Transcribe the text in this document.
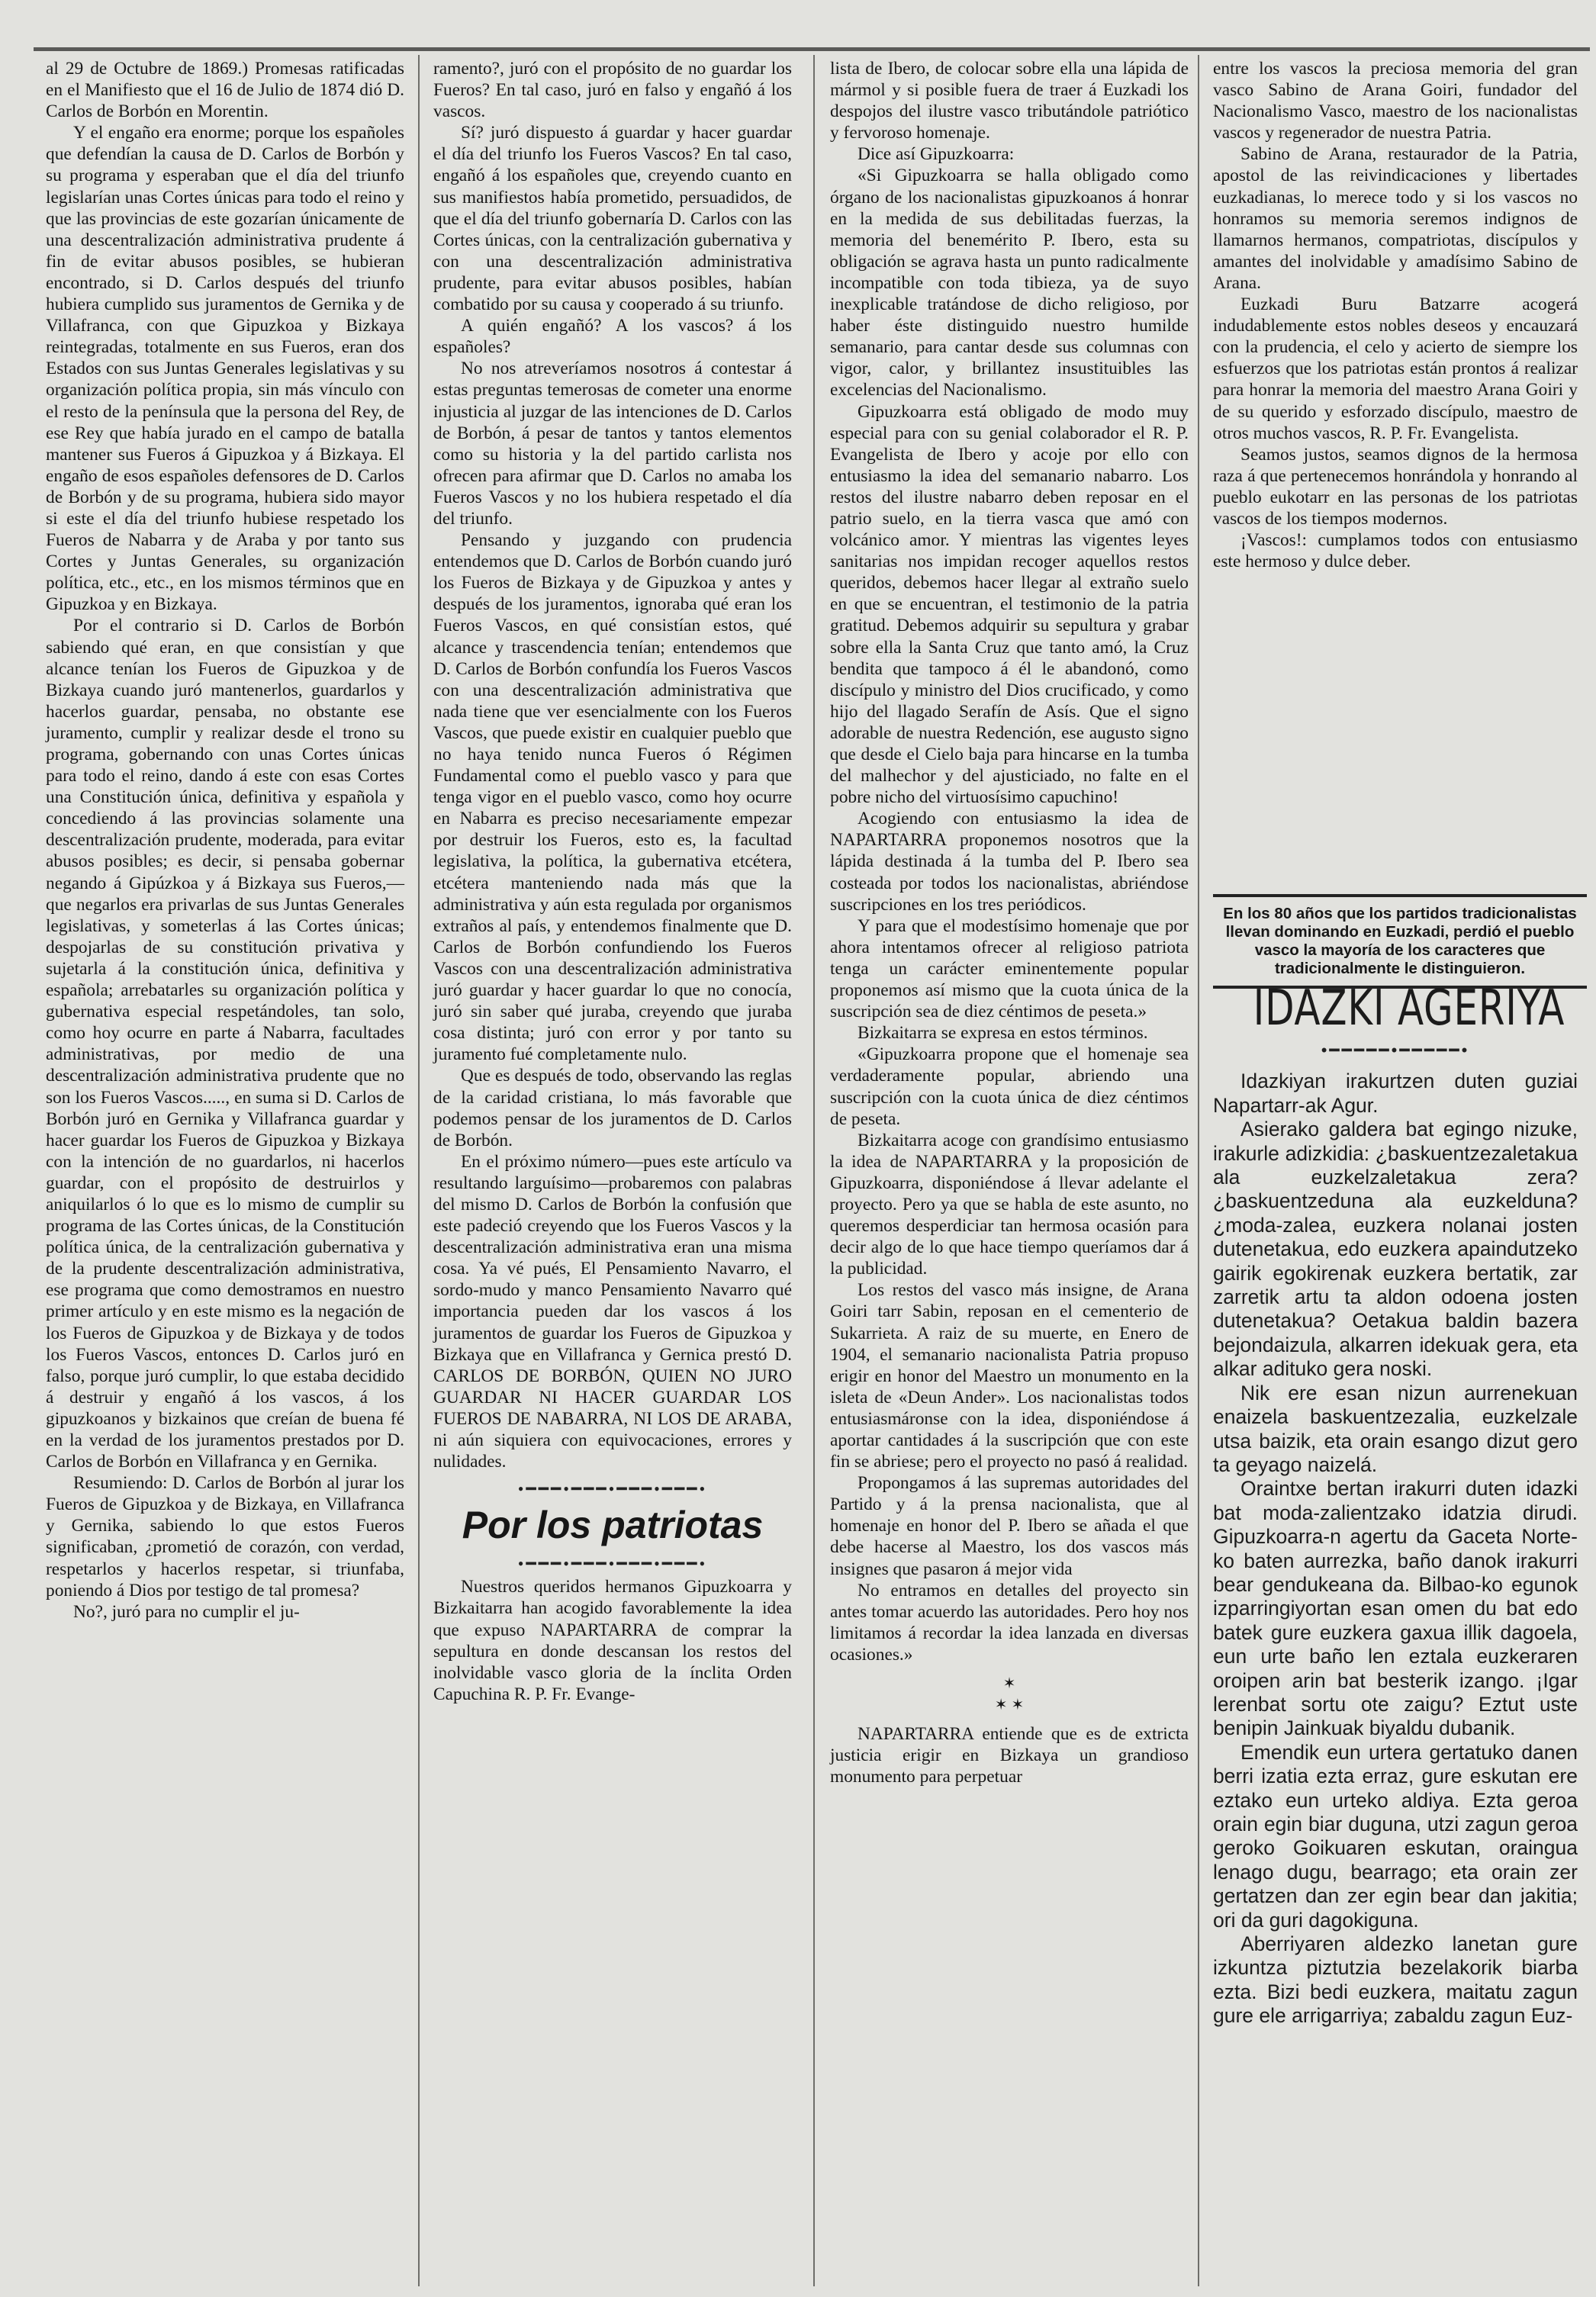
al 29 de Octubre de 1869.) Promesas ratificadas en el Manifiesto que el 16 de Julio de 1874 dió D. Carlos de Borbón en Morentin.

Y el engaño era enorme; porque los españoles que defendían la causa de D. Carlos de Borbón y su programa y esperaban que el día del triunfo legislarían unas Cortes únicas para todo el reino y que las provincias de este gozarían únicamente de una descentralización administrativa prudente á fin de evitar abusos posibles, se hubieran encontrado, si D. Carlos después del triunfo hubiera cumplido sus juramentos de Gernika y de Villafranca, con que Gipuzkoa y Bizkaya reintegradas, totalmente en sus Fueros, eran dos Estados con sus Juntas Generales legislativas y su organización política propia, sin más vínculo con el resto de la península que la persona del Rey, de ese Rey que había jurado en el campo de batalla mantener sus Fueros á Gipuzkoa y á Bizkaya. El engaño de esos españoles defensores de D. Carlos de Borbón y de su programa, hubiera sido mayor si este el día del triunfo hubiese respetado los Fueros de Nabarra y de Araba y por tanto sus Cortes y Juntas Generales, su organización política, etc., etc., en los mismos términos que en Gipuzkoa y en Bizkaya.

Por el contrario si D. Carlos de Borbón sabiendo qué eran, en que consistían y que alcance tenían los Fueros de Gipuzkoa y de Bizkaya cuando juró mantenerlos, guardarlos y hacerlos guardar, pensaba, no obstante ese juramento, cumplir y realizar desde el trono su programa, gobernando con unas Cortes únicas para todo el reino, dando á este con esas Cortes una Constitución única, definitiva y española y concediendo á las provincias solamente una descentralización prudente, moderada, para evitar abusos posibles; es decir, si pensaba gobernar negando á Gipúzkoa y á Bizkaya sus Fueros,—que negarlos era privarlas de sus Juntas Generales legislativas, y someterlas á las Cortes únicas; despojarlas de su constitución privativa y sujetarla á la constitución única, definitiva y española; arrebatarles su organización política y gubernativa especial respetándoles, tan solo, como hoy ocurre en parte á Nabarra, facultades administrativas, por medio de una descentralización administrativa prudente que no son los Fueros Vascos....., en suma si D. Carlos de Borbón juró en Gernika y Villafranca guardar y hacer guardar los Fueros de Gipuzkoa y Bizkaya con la intención de no guardarlos, ni hacerlos guardar, con el propósito de destruirlos y aniquilarlos ó lo que es lo mismo de cumplir su programa de las Cortes únicas, de la Constitución política única, de la centralización gubernativa y de la prudente descentralización administrativa, ese programa que como demostramos en nuestro primer artículo y en este mismo es la negación de los Fueros de Gipuzkoa y de Bizkaya y de todos los Fueros Vascos, entonces D. Carlos juró en falso, porque juró cumplir, lo que estaba decidido á destruir y engañó á los vascos, á los gipuzkoanos y bizkainos que creían de buena fé en la verdad de los juramentos prestados por D. Carlos de Borbón en Villafranca y en Gernika.

Resumiendo: D. Carlos de Borbón al jurar los Fueros de Gipuzkoa y de Bizkaya, en Villafranca y Gernika, sabiendo lo que estos Fueros significaban, ¿prometió de corazón, con verdad, respetarlos y hacerlos respetar, si triunfaba, poniendo á Dios por testigo de tal promesa?

No?, juró para no cumplir el ju-

ramento?, juró con el propósito de no guardar los Fueros? En tal caso, juró en falso y engañó á los vascos.

Sí? juró dispuesto á guardar y hacer guardar el día del triunfo los Fueros Vascos? En tal caso, engañó á los españoles que, creyendo cuanto en sus manifiestos había prometido, persuadidos, de que el día del triunfo gobernaría D. Carlos con las Cortes únicas, con la centralización gubernativa y con una descentralización administrativa prudente, para evitar abusos posibles, habían combatido por su causa y cooperado á su triunfo.

A quién engañó? A los vascos? á los españoles?

No nos atreveríamos nosotros á contestar á estas preguntas temerosas de cometer una enorme injusticia al juzgar de las intenciones de D. Carlos de Borbón, á pesar de tantos y tantos elementos como su historia y la del partido carlista nos ofrecen para afirmar que D. Carlos no amaba los Fueros Vascos y no los hubiera respetado el día del triunfo.

Pensando y juzgando con prudencia entendemos que D. Carlos de Borbón cuando juró los Fueros de Bizkaya y de Gipuzkoa y antes y después de los juramentos, ignoraba qué eran los Fueros Vascos, en qué consistían estos, qué alcance y trascendencia tenían; entendemos que D. Carlos de Borbón confundía los Fueros Vascos con una descentralización administrativa que nada tiene que ver esencialmente con los Fueros Vascos, que puede existir en cualquier pueblo que no haya tenido nunca Fueros ó Régimen Fundamental como el pueblo vasco y para que tenga vigor en el pueblo vasco, como hoy ocurre en Nabarra es preciso necesariamente empezar por destruir los Fueros, esto es, la facultad legislativa, la política, la gubernativa etcétera, etcétera manteniendo nada más que la administrativa y aún esta regulada por organismos extraños al país, y entendemos finalmente que D. Carlos de Borbón confundiendo los Fueros Vascos con una descentralización administrativa juró guardar y hacer guardar lo que no conocía, juró sin saber qué juraba, creyendo que juraba cosa distinta; juró con error y por tanto su juramento fué completamente nulo.

Que es después de todo, observando las reglas de la caridad cristiana, lo más favorable que podemos pensar de los juramentos de D. Carlos de Borbón.

En el próximo número—pues este artículo va resultando larguísimo—probaremos con palabras del mismo D. Carlos de Borbón la confusión que este padeció creyendo que los Fueros Vascos y la descentralización administrativa eran una misma cosa. Ya vé pués, El Pensamiento Navarro, el sordo-mudo y manco Pensamiento Navarro qué importancia pueden dar los vascos á los juramentos de guardar los Fueros de Gipuzkoa y Bizkaya que en Villafranca y Gernica prestó D. CARLOS DE BORBÓN, QUIEN NO JURO GUARDAR NI HACER GUARDAR LOS FUEROS DE NABARRA, NI LOS DE ARABA, ni aún siquiera con equivocaciones, errores y nulidades.

•━━━•━━━•━━━•━━━•
Por los patriotas
•━━━•━━━•━━━•━━━•

Nuestros queridos hermanos Gipuzkoarra y Bizkaitarra han acogido favorablemente la idea que expuso NAPARTARRA de comprar la sepultura en donde descansan los restos del inolvidable vasco gloria de la ínclita Orden Capuchina R. P. Fr. Evange-

lista de Ibero, de colocar sobre ella una lápida de mármol y si posible fuera de traer á Euzkadi los despojos del ilustre vasco tributándole patriótico y fervoroso homenaje.

Dice así Gipuzkoarra:

«Si Gipuzkoarra se halla obligado como órgano de los nacionalistas gipuzkoanos á honrar en la medida de sus debilitadas fuerzas, la memoria del benemérito P. Ibero, esta su obligación se agrava hasta un punto radicalmente incompatible con toda tibieza, ya de suyo inexplicable tratándose de dicho religioso, por haber éste distinguido nuestro humilde semanario, para cantar desde sus columnas con vigor, calor, y brillantez insustituibles las excelencias del Nacionalismo.

Gipuzkoarra está obligado de modo muy especial para con su genial colaborador el R. P. Evangelista de Ibero y acoje por ello con entusiasmo la idea del semanario nabarro. Los restos del ilustre nabarro deben reposar en el patrio suelo, en la tierra vasca que amó con volcánico amor. Y mientras las vigentes leyes sanitarias nos impidan recoger aquellos restos queridos, debemos hacer llegar al extraño suelo en que se encuentran, el testimonio de la patria gratitud. Debemos adquirir su sepultura y grabar sobre ella la Santa Cruz que tanto amó, la Cruz bendita que tampoco á él le abandonó, como discípulo y ministro del Dios crucificado, y como hijo del llagado Serafín de Asís. Que el signo adorable de nuestra Redención, ese augusto signo que desde el Cielo baja para hincarse en la tumba del malhechor y del ajusticiado, no falte en el pobre nicho del virtuosísimo capuchino!

Acogiendo con entusiasmo la idea de NAPARTARRA proponemos nosotros que la lápida destinada á la tumba del P. Ibero sea costeada por todos los nacionalistas, abriéndose suscripciones en los tres periódicos.

Y para que el modestísimo homenaje que por ahora intentamos ofrecer al religioso patriota tenga un carácter eminentemente popular proponemos así mismo que la cuota única de la suscripción sea de diez céntimos de peseta.»

Bizkaitarra se expresa en estos términos.

«Gipuzkoarra propone que el homenaje sea verdaderamente popular, abriendo una suscripción con la cuota única de diez céntimos de peseta.

Bizkaitarra acoge con grandísimo entusiasmo la idea de NAPARTARRA y la proposición de Gipuzkoarra, disponiéndose á llevar adelante el proyecto. Pero ya que se habla de este asunto, no queremos desperdiciar tan hermosa ocasión para decir algo de lo que hace tiempo queríamos dar á la publicidad.

Los restos del vasco más insigne, de Arana Goiri tarr Sabin, reposan en el cementerio de Sukarrieta. A raiz de su muerte, en Enero de 1904, el semanario nacionalista Patria propuso erigir en honor del Maestro un monumento en la isleta de «Deun Ander». Los nacionalistas todos entusiasmáronse con la idea, disponiéndose á aportar cantidades á la suscripción que con este fin se abriese; pero el proyecto no pasó á realidad.

Propongamos á las supremas autoridades del Partido y á la prensa nacionalista, que al homenaje en honor del P. Ibero se añada el que debe hacerse al Maestro, los dos vascos más insignes que pasaron á mejor vida

No entramos en detalles del proyecto sin antes tomar acuerdo las autoridades. Pero hoy nos limitamos á recordar la idea lanzada en diversas ocasiones.»

✶
✶ ✶

NAPARTARRA entiende que es de extricta justicia erigir en Bizkaya un grandioso monumento para perpetuar

entre los vascos la preciosa memoria del gran vasco Sabino de Arana Goiri, fundador del Nacionalismo Vasco, maestro de los nacionalistas vascos y regenerador de nuestra Patria.

Sabino de Arana, restaurador de la Patria, apostol de las reivindicaciones y libertades euzkadianas, lo merece todo y si los vascos no honramos su memoria seremos indignos de llamarnos hermanos, compatriotas, discípulos y amantes del inolvidable y amadísimo Sabino de Arana.

Euzkadi Buru Batzarre acogerá indudablemente estos nobles deseos y encauzará con la prudencia, el celo y acierto de siempre los esfuerzos que los patriotas están prontos á realizar para honrar la memoria del maestro Arana Goiri y de su querido y esforzado discípulo, maestro de otros muchos vascos, R. P. Fr. Evangelista.

Seamos justos, seamos dignos de la hermosa raza á que pertenecemos honrándola y honrando al pueblo eukotarr en las personas de los patriotas vascos de los tiempos modernos.

¡Vascos!: cumplamos todos con entusiasmo este hermoso y dulce deber.

En los 80 años que los partidos tradicionalistas llevan dominando en Euzkadi, perdió el pueblo vasco la mayoría de los caracteres que tradicionalmente le distinguieron.
IDAZKI AGERIYA
•━━━━━•━━━━━•

Idazkiyan irakurtzen duten guziai Napartarr-ak Agur.

Asierako galdera bat egingo nizuke, irakurle adizkidia: ¿baskuentzezaletakua ala euzkelzaletakua zera? ¿baskuentzeduna ala euzkelduna? ¿moda-zalea, euzkera nolanai josten dutenetakua, edo euzkera apaindutzeko gairik egokirenak euzkera bertatik, zar zarretik artu ta aldon odoena josten dutenetakua? Oetakua baldin bazera bejondaizula, alkarren idekuak gera, eta alkar adituko gera noski.

Nik ere esan nizun aurrenekuan enaizela baskuentzezalia, euzkelzale utsa baizik, eta orain esango dizut gero ta geyago naizelá.

Oraintxe bertan irakurri duten idazki bat moda-zalientzako idatzia dirudi. Gipuzkoarra-n agertu da Gaceta Norte-ko baten aurrezka, baño danok irakurri bear gendukeana da. Bilbao-ko egunok izparringiyortan esan omen du bat edo batek gure euzkera gaxua illik dagoela, eun urte baño len eztala euzkeraren oroipen arin bat besterik izango. ¡Igar lerenbat sortu ote zaigu? Eztut uste benipin Jainkuak biyaldu dubanik.

Emendik eun urtera gertatuko danen berri izatia ezta erraz, gure eskutan ere eztako eun urteko aldiya. Ezta geroa orain egin biar duguna, utzi zagun geroa geroko Goikuaren eskutan, oraingua lenago dugu, bearrago; eta orain zer gertatzen dan zer egin bear dan jakitia; ori da guri dagokiguna.

Aberriyaren aldezko lanetan gure izkuntza piztutzia bezelakorik biarba ezta. Bizi bedi euzkera, maitatu zagun gure ele arrigarriya; zabaldu zagun Euz-
